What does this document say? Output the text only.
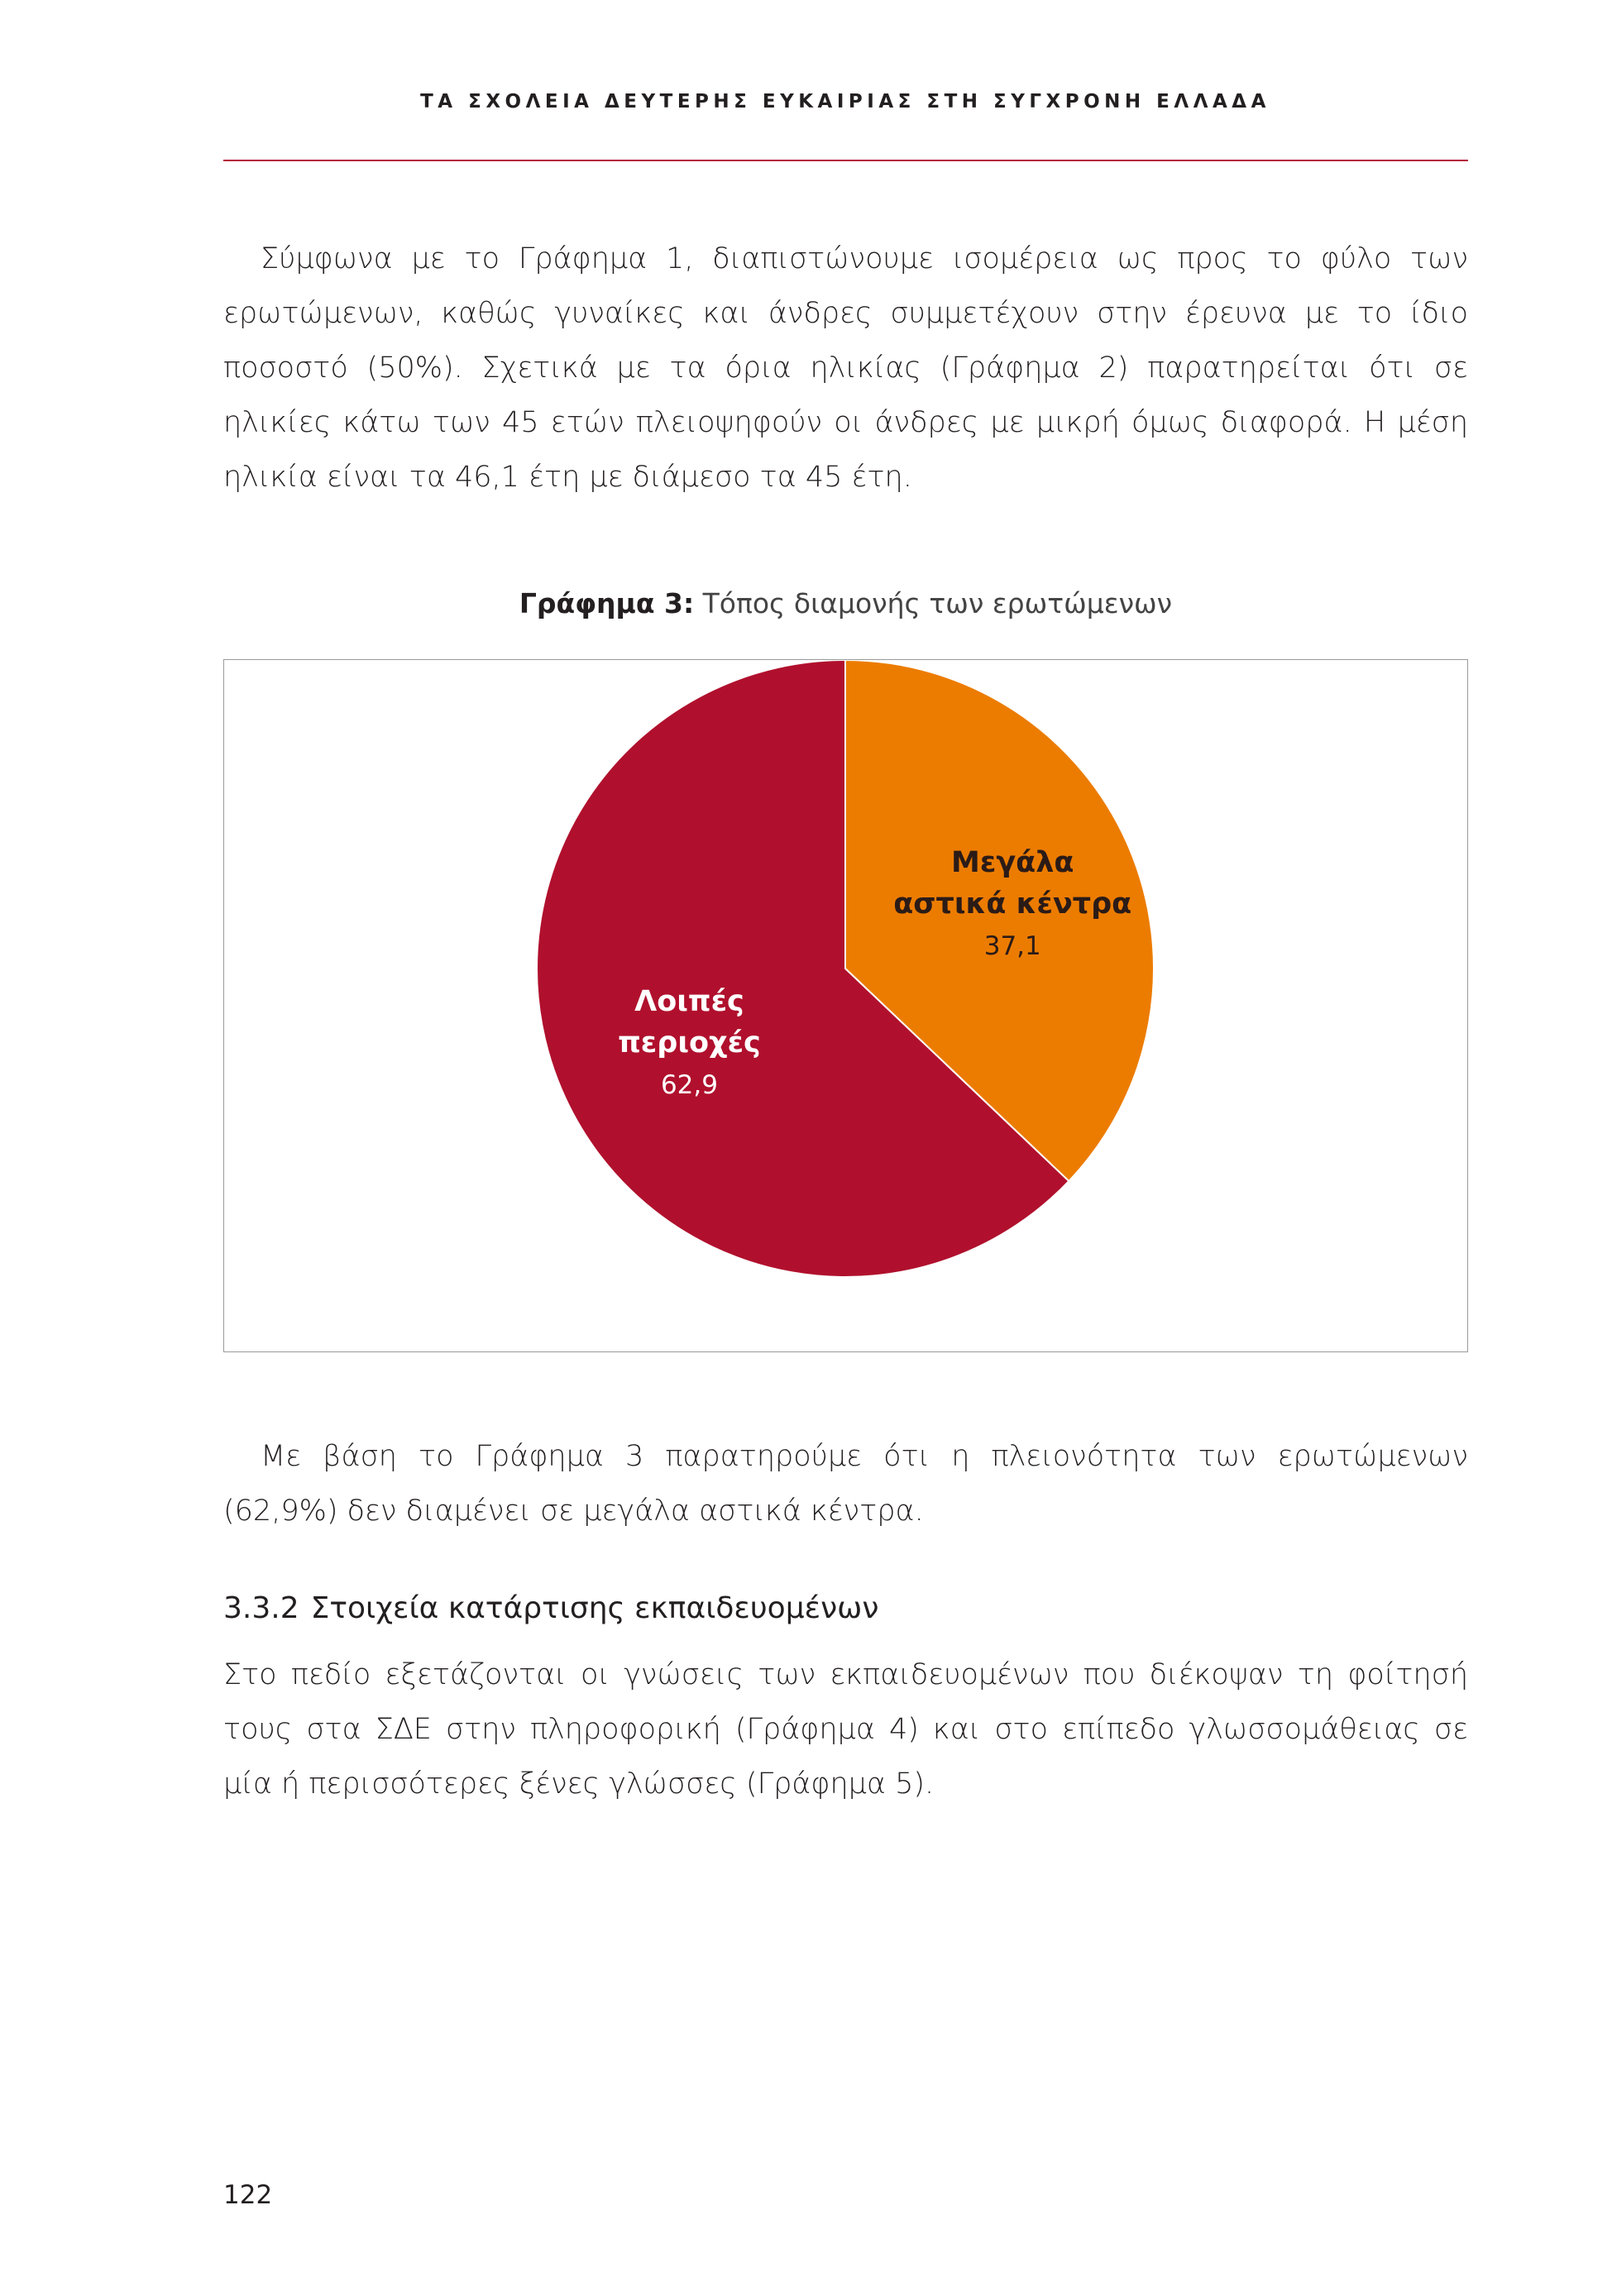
ΤΑ ΣΧΟΛΕΙΑ ΔΕΥΤΕΡΗΣ ΕΥΚΑΙΡΙΑΣ ΣΤΗ ΣΥΓΧΡΟΝΗ ΕΛΛΑΔΑ

Σύμφωνα με το Γράφημα 1, διαπιστώνουμε ισομέρεια ως προς το φύλο των ερωτώμενων, καθώς γυναίκες και άνδρες συμμετέχουν στην έρευνα με το ίδιο ποσοστό (50%). Σχετικά με τα όρια ηλικίας (Γράφημα 2) παρατηρείται ότι σε ηλικίες κάτω των 45 ετών πλειοψηφούν οι άνδρες με μικρή όμως διαφορά. Η μέση ηλικία είναι τα 46,1 έτη με διάμεσο τα 45 έτη.

Γράφημα 3: Τόπος διαμονής των ερωτώμενων
Μεγάλα
αστικά κέντρα
37,1
Λοιπές
περιοχές
62,9

Με βάση το Γράφημα 3 παρατηρούμε ότι η πλειονότητα των ερωτώμενων (62,9%) δεν διαμένει σε μεγάλα αστικά κέντρα.

3.3.2 Στοιχεία κατάρτισης εκπαιδευομένων

Στο πεδίο εξετάζονται οι γνώσεις των εκπαιδευομένων που διέκοψαν τη φοίτησή τους στα ΣΔΕ στην πληροφορική (Γράφημα 4) και στο επίπεδο γλωσσομάθειας σε μία ή περισσότερες ξένες γλώσσες (Γράφημα 5).

122
